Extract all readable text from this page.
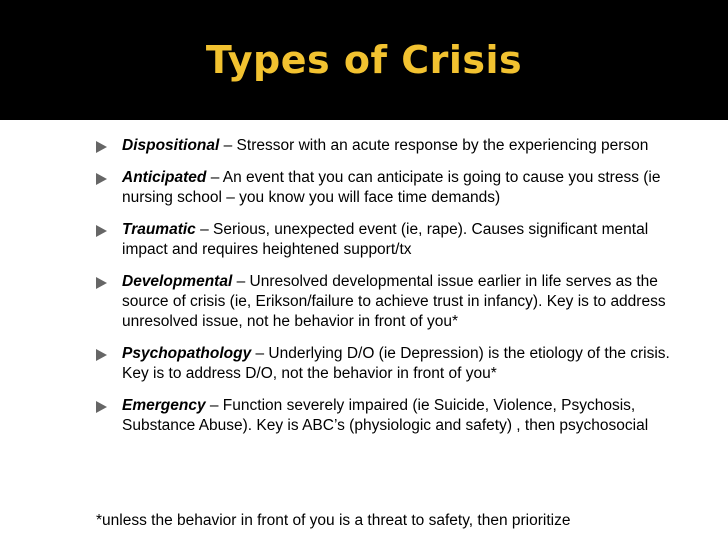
Types of Crisis
Dispositional – Stressor with an acute response by the experiencing person
Anticipated – An event that you can anticipate is going to cause you stress (ie nursing school – you know you will face time demands)
Traumatic – Serious, unexpected event (ie, rape). Causes significant mental impact and requires heightened support/tx
Developmental – Unresolved developmental issue earlier in life serves as the source of crisis (ie, Erikson/failure to achieve trust in infancy). Key is to address unresolved issue, not he behavior in front of you*
Psychopathology – Underlying D/O (ie Depression) is the etiology of the crisis. Key is to address D/O, not the behavior in front of you*
Emergency – Function severely impaired (ie Suicide, Violence, Psychosis, Substance Abuse). Key is ABC’s (physiologic and safety) , then psychosocial
*unless the behavior in front of you is a threat to safety, then prioritize
